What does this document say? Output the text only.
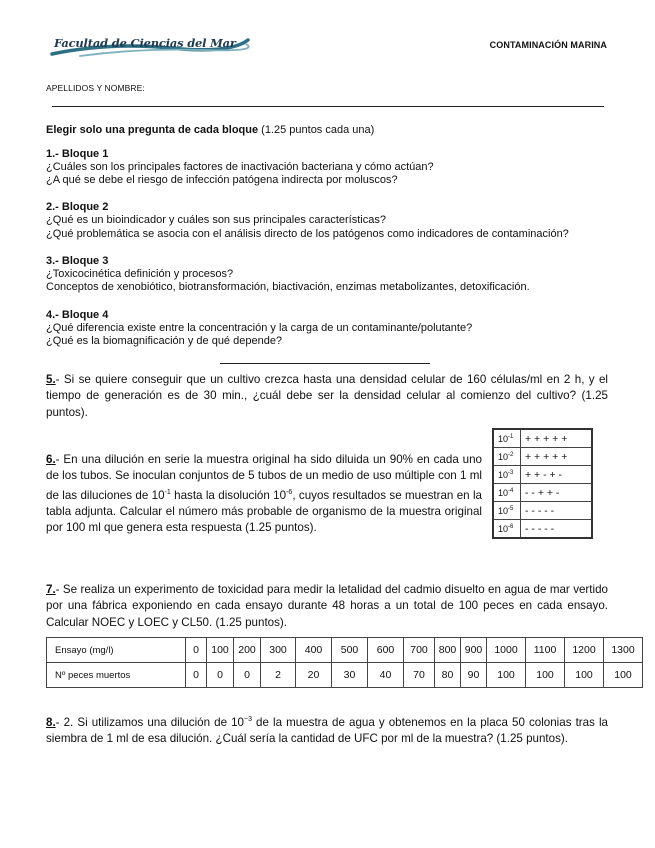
Facultad de Ciencias del Mar	CONTAMINACIÓN MARINA
APELLIDOS Y NOMBRE:
Elegir solo una pregunta de cada bloque (1.25 puntos cada una)
1.- Bloque 1
¿Cuáles son los principales factores de inactivación bacteriana y cómo actúan?
¿A qué se debe el riesgo de infección patógena indirecta por moluscos?
2.- Bloque 2
¿Qué es un bioindicador y cuáles son sus principales características?
¿Qué problemática se asocia con el análisis directo de los patógenos como indicadores de contaminación?
3.- Bloque 3
¿Toxicocinética definición y procesos?
Conceptos de xenobiótico, biotransformación, biactivación, enzimas metabolizantes, detoxificación.
4.- Bloque 4
¿Qué diferencia existe entre la concentración y la carga de un contaminante/polutante?
¿Qué es la biomagnificación y de qué depende?
5.- Si se quiere conseguir que un cultivo crezca hasta una densidad celular de 160 células/ml en 2 h, y el tiempo de generación es de 30 min., ¿cuál debe ser la densidad celular al comienzo del cultivo? (1.25 puntos).
6.- En una dilución en serie la muestra original ha sido diluida un 90% en cada uno de los tubos. Se inoculan conjuntos de 5 tubos de un medio de uso múltiple con 1 ml de las diluciones de $10^{-1}$ hasta la disolución $10^{-6}$, cuyos resultados se muestran en la tabla adjunta. Calcular el número más probable de organismo de la muestra original por 100 ml que genera esta respuesta (1.25 puntos).
$10^{-1}$	+ + + + +
$10^{-2}$	+ + + + +
$10^{-3}$	+ + - + -
$10^{-4}$	- - + + -
$10^{-5}$	- - - - -
$10^{-6}$	- - - - -
7.- Se realiza un experimento de toxicidad para medir la letalidad del cadmio disuelto en agua de mar vertido por una fábrica exponiendo en cada ensayo durante 48 horas a un total de 100 peces en cada ensayo. Calcular NOEC y LOEC y CL50. (1.25 puntos).
Ensayo (mg/l)	0	100	200	300	400	500	600	700	800	900	1000	1100	1200	1300
Nº peces muertos	0	0	0	2	20	30	40	70	80	90	100	100	100	100
8.- 2. Si utilizamos una dilución de $10^{-3}$ de la muestra de agua y obtenemos en la placa 50 colonias tras la siembra de 1 ml de esa dilución. ¿Cuál sería la cantidad de UFC por ml de la muestra? (1.25 puntos).
